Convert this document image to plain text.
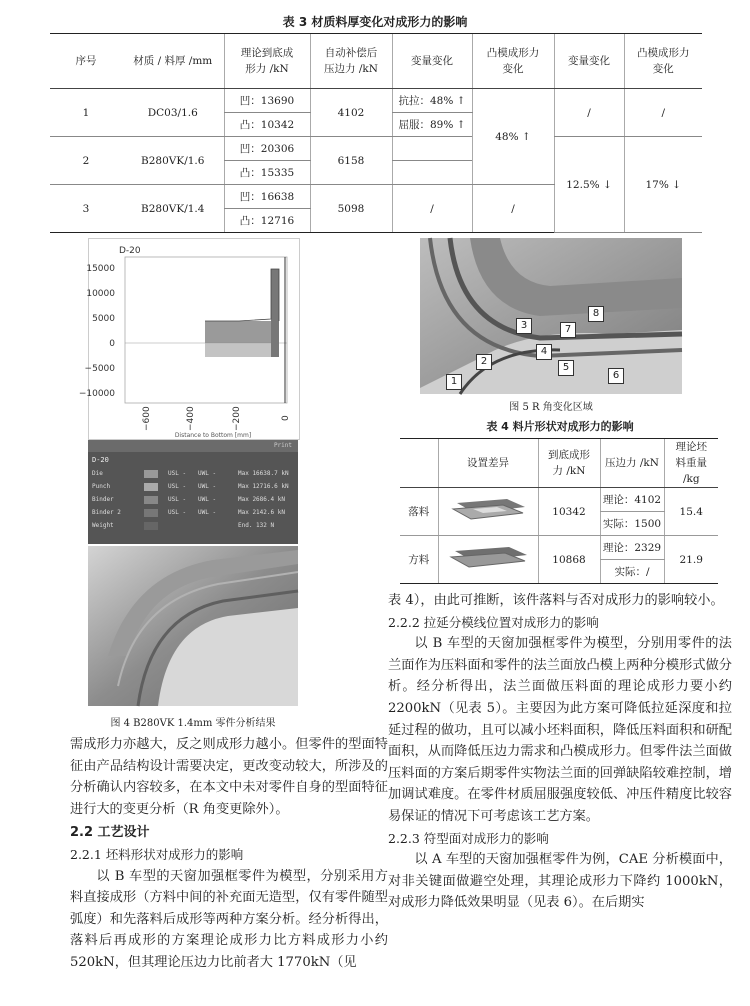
表 3 材质料厚变化对成形力的影响
序号	材质 / 料厚 /mm	理论到底成形力 /kN	自动补偿后压边力 /kN	变量变化	凸模成形力变化	变量变化	凸模成形力变化
1	DC03/1.6	凹：13690	4102	抗拉：48% ↑	48% ↑	/	/
		凸：10342		屈服：89% ↑			
2	B280VK/1.6	凹：20306	6158			12.5% ↓	17% ↓
		凸：15335					
3	B280VK/1.4	凹：16638	5098	/	/		
		凸：12716					
D-20
15000
10000
5000
0
−5000
−10000
−600	−400	−200	0
Distance to Bottom [mm]
Print
D-20
Die	USL - UWL -	Max 16638.7 kN
Punch	USL - UWL -	Max 12716.6 kN
Binder	USL - UWL -	Max 2686.4 kN
Binder 2	USL - UWL -	Max 2142.6 kN
Weight	End. 132 N
图 4 B280VK 1.4mm 零件分析结果
1
2
3
4
5
6
7
8
图 5 R 角变化区域
表 4 料片形状对成形力的影响
	设置差异	到底成形力 /kN	压边力 /kN	理论坯料重量 /kg
落料		10342	理论：4102	15.4
			实际：1500	
方料		10868	理论：2329	21.9
			实际：/	

需成形力亦越大，反之则成形力越小。但零件的型面特征由产品结构设计需要决定，更改变动较大，所涉及的分析确认内容较多，在本文中未对零件自身的型面特征进行大的变更分析（R 角变更除外）。

2.2 工艺设计
2.2.1 坯料形状对成形力的影响

以 B 车型的天窗加强框零件为模型，分别采用方料直接成形（方料中间的补充面无造型，仅有零件随型弧度）和先落料后成形等两种方案分析。经分析得出，落料后再成形的方案理论成形力比方料成形力小约 520kN，但其理论压边力比前者大 1770kN（见

表 4），由此可推断，该件落料与否对成形力的影响较小。

2.2.2 拉延分模线位置对成形力的影响

以 B 车型的天窗加强框零件为模型，分别用零件的法兰面作为压料面和零件的法兰面放凸模上两种分模形式做分析。经分析得出，法兰面做压料面的理论成形力要小约 2200kN（见表 5）。主要因为此方案可降低拉延深度和拉延过程的做功，且可以减小坯料面积，降低压料面积和研配面积，从而降低压边力需求和凸模成形力。但零件法兰面做压料面的方案后期零件实物法兰面的回弹缺陷较难控制，增加调试难度。在零件材质屈服强度较低、冲压件精度比较容易保证的情况下可考虑该工艺方案。

2.2.3 符型面对成形力的影响

以 A 车型的天窗加强框零件为例，CAE 分析模面中，对非关键面做避空处理，其理论成形力下降约 1000kN，对成形力降低效果明显（见表 6）。在后期实
